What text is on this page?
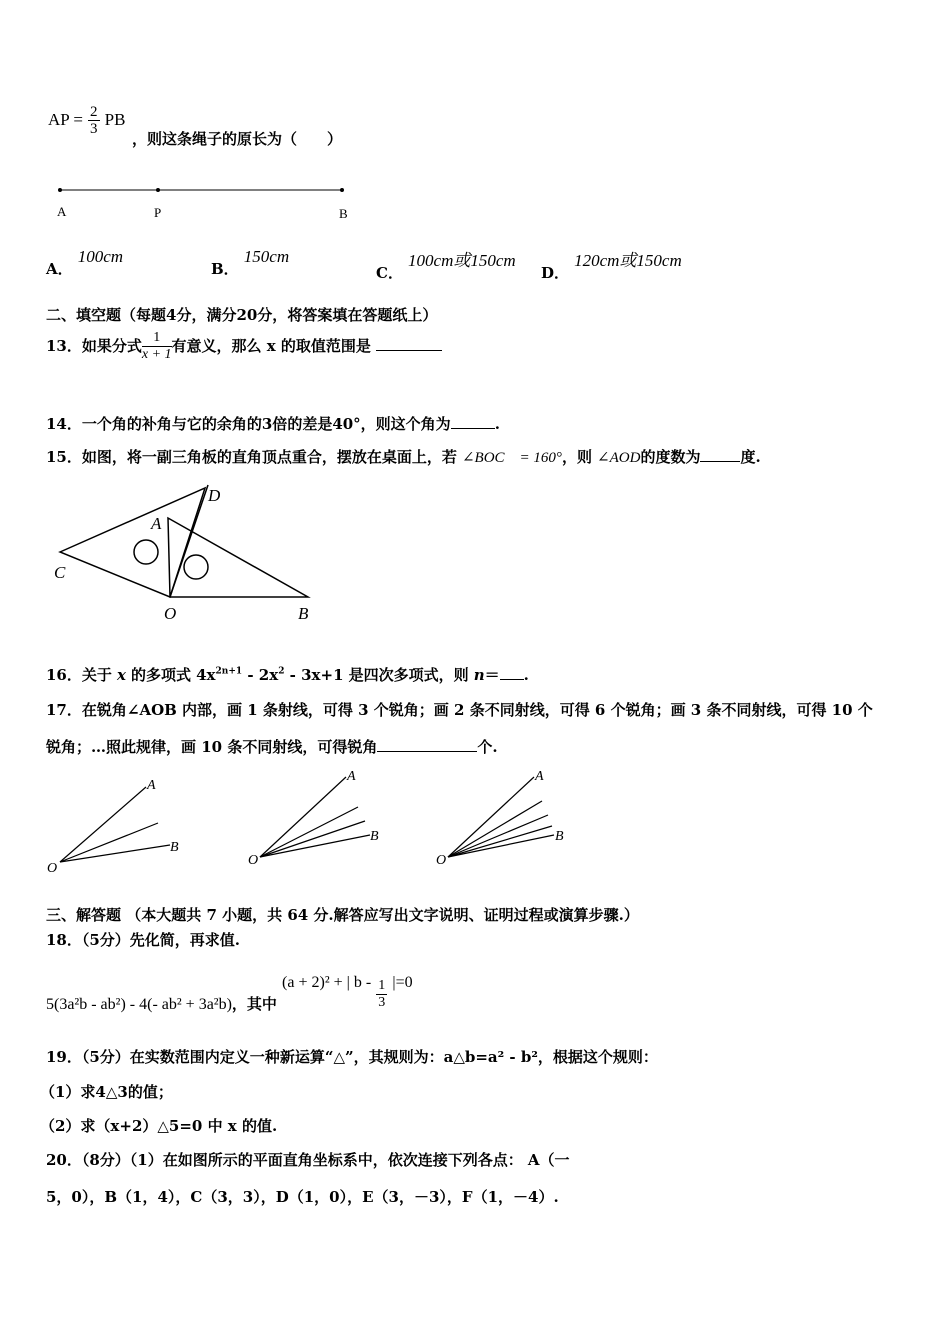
AP = $\frac{2}{3}$ PB
，则这条绳子的原长为（　　）
A	P	B
A． 100cm
B． 150cm
C． 100cm或150cm
D． 120cm或150cm
二、填空题（每题4分，满分20分，将答案填在答题纸上）
13．如果分式 $\frac{1}{x + 1}$ 有意义，那么 x 的取值范围是
14．一个角的补角与它的余角的3倍的差是40°，则这个角为	.
15．如图，将一副三角板的直角顶点重合，摆放在桌面上，若 ∠BOC　= 160°，则 ∠AOD的度数为	度.
D
A
C
O	B
16．关于 x 的多项式 $4x^{2n+1} - 2x^2 - 3x+1$ 是四次多项式，则 n＝ .
17．在锐角∠AOB 内部，画 1 条射线，可得 3 个锐角；画 2 条不同射线，可得 6 个锐角；画 3 条不同射线，可得 10 个
锐角；…照此规律，画 10 条不同射线，可得锐角	个.
A
B
O
A
B
O
A
B
O
三、解答题 （本大题共 7 小题，共 64 分.解答应写出文字说明、证明过程或演算步骤.）
18．（5分）先化简，再求值.
5(3a²b - ab²) - 4(- ab² + 3a²b)，其中 (a + 2)² + | $b - \frac{1}{3} |=0$
19．（5分）在实数范围内定义一种新运算“△”，其规则为：a△b=a² - b²，根据这个规则：
（1）求4△3的值；
（2）求（x+2）△5=0 中 x 的值.
20．（8分）（1）在如图所示的平面直角坐标系中，依次连接下列各点： A（一
5，0），B（1，4），C（3，3），D（1，0），E（3，－3），F（1，－4）.
